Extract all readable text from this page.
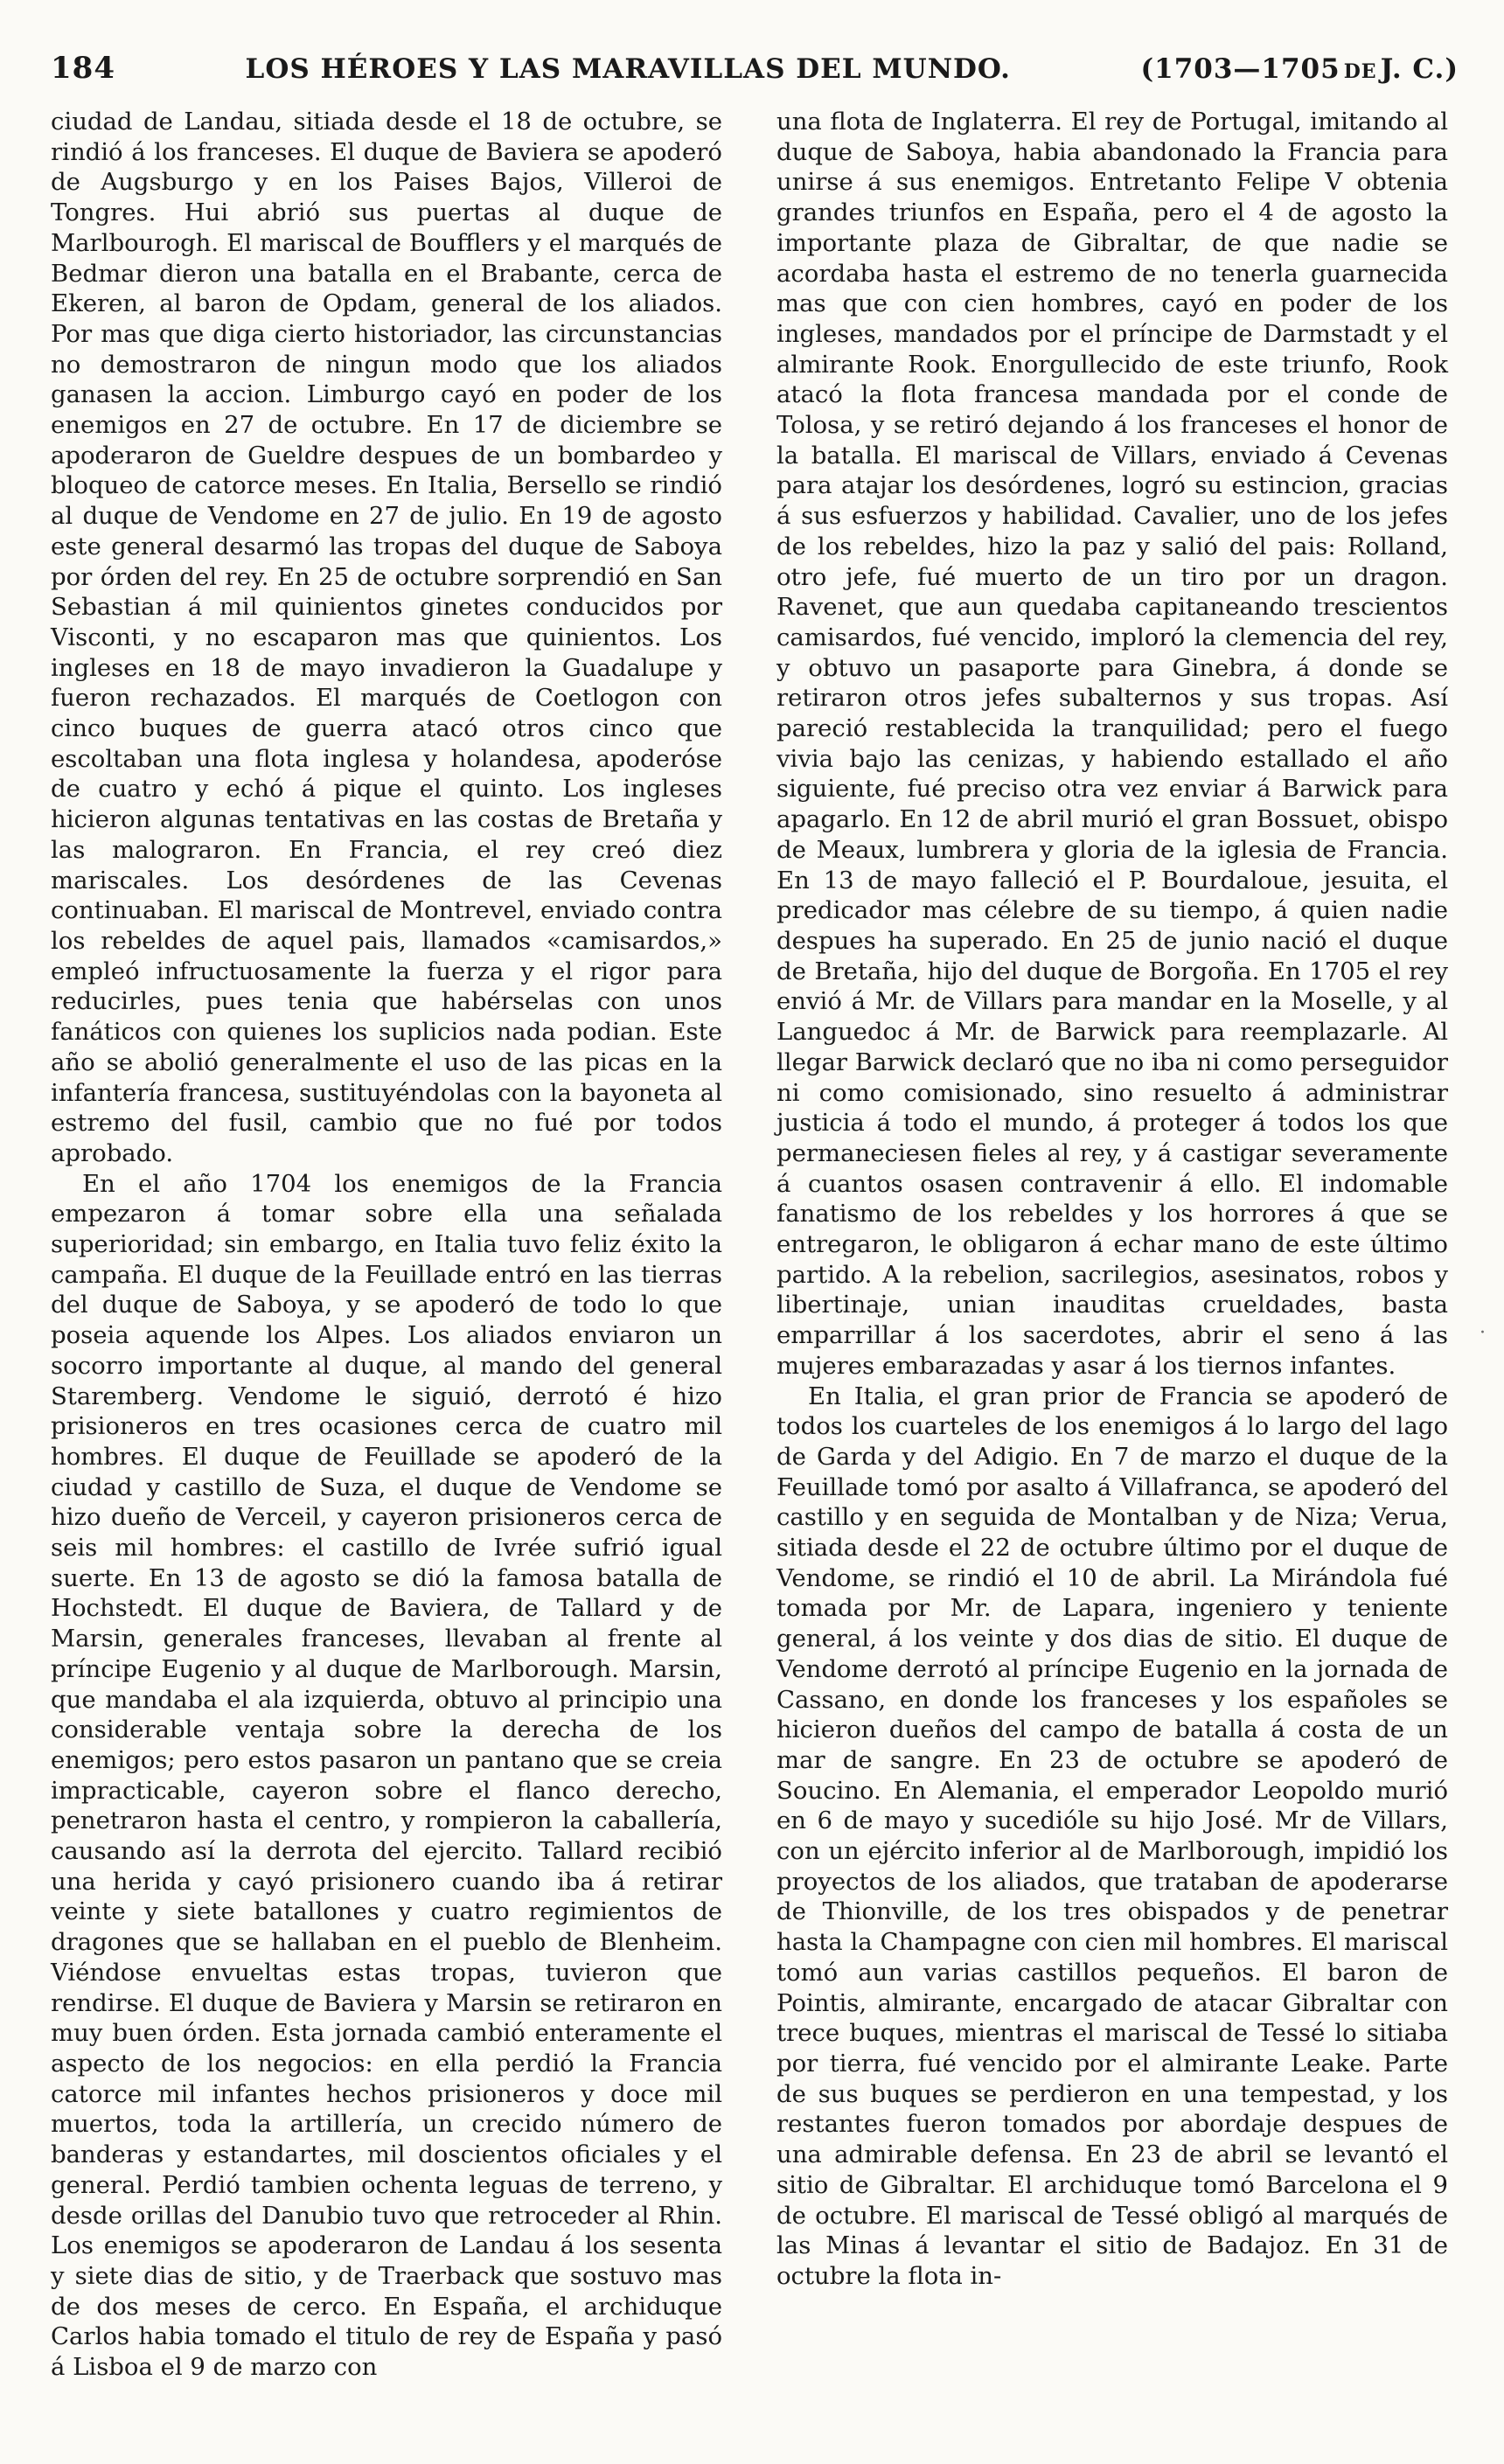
184	LOS HÉROES Y LAS MARAVILLAS DEL MUNDO.	(1703—1705 DE J. C.)

ciudad de Landau, sitiada desde el 18 de octubre, se rindió á los franceses. El duque de Baviera se apoderó de Augsburgo y en los Paises Bajos, Villeroi de Tongres. Hui abrió sus puertas al duque de Marlbourogh. El mariscal de Boufflers y el marqués de Bedmar dieron una batalla en el Brabante, cerca de Ekeren, al baron de Opdam, general de los aliados. Por mas que diga cierto historiador, las circunstancias no demostraron de ningun modo que los aliados ganasen la accion. Limburgo cayó en poder de los enemigos en 27 de octubre. En 17 de diciembre se apoderaron de Gueldre despues de un bombardeo y bloqueo de catorce meses. En Italia, Bersello se rindió al duque de Vendome en 27 de julio. En 19 de agosto este general desarmó las tropas del duque de Saboya por órden del rey. En 25 de octubre sorprendió en San Sebastian á mil quinientos ginetes conducidos por Visconti, y no escaparon mas que quinientos. Los ingleses en 18 de mayo invadieron la Guadalupe y fueron rechazados. El marqués de Coetlogon con cinco buques de guerra atacó otros cinco que escoltaban una flota inglesa y holandesa, apoderóse de cuatro y echó á pique el quinto. Los ingleses hicieron algunas tentativas en las costas de Bretaña y las malograron. En Francia, el rey creó diez mariscales. Los desórdenes de las Cevenas continuaban. El mariscal de Montrevel, enviado contra los rebeldes de aquel pais, llamados «camisardos,» empleó infructuosamente la fuerza y el rigor para reducirles, pues tenia que habérselas con unos fanáticos con quienes los suplicios nada podian. Este año se abolió generalmente el uso de las picas en la infantería francesa, sustituyéndolas con la bayoneta al estremo del fusil, cambio que no fué por todos aprobado.

En el año 1704 los enemigos de la Francia empezaron á tomar sobre ella una señalada superioridad; sin embargo, en Italia tuvo feliz éxito la campaña. El duque de la Feuillade entró en las tierras del duque de Saboya, y se apoderó de todo lo que poseia aquende los Alpes. Los aliados enviaron un socorro importante al duque, al mando del general Staremberg. Vendome le siguió, derrotó é hizo prisioneros en tres ocasiones cerca de cuatro mil hombres. El duque de Feuillade se apoderó de la ciudad y castillo de Suza, el duque de Vendome se hizo dueño de Verceil, y cayeron prisioneros cerca de seis mil hombres: el castillo de Ivrée sufrió igual suerte. En 13 de agosto se dió la famosa batalla de Hochstedt. El duque de Baviera, de Tallard y de Marsin, generales franceses, llevaban al frente al príncipe Eugenio y al duque de Marlborough. Marsin, que mandaba el ala izquierda, obtuvo al principio una considerable ventaja sobre la derecha de los enemigos; pero estos pasaron un pantano que se creia impracticable, cayeron sobre el flanco derecho, penetraron hasta el centro, y rompieron la caballería, causando así la derrota del ejercito. Tallard recibió una herida y cayó prisionero cuando iba á retirar veinte y siete batallones y cuatro regimientos de dragones que se hallaban en el pueblo de Blenheim. Viéndose envueltas estas tropas, tuvieron que rendirse. El duque de Baviera y Marsin se retiraron en muy buen órden. Esta jornada cambió enteramente el aspecto de los negocios: en ella perdió la Francia catorce mil infantes hechos prisioneros y doce mil muertos, toda la artillería, un crecido número de banderas y estandartes, mil doscientos oficiales y el general. Perdió tambien ochenta leguas de terreno, y desde orillas del Danubio tuvo que retroceder al Rhin. Los enemigos se apoderaron de Landau á los sesenta y siete dias de sitio, y de Traerback que sostuvo mas de dos meses de cerco. En España, el archiduque Carlos habia tomado el titulo de rey de España y pasó á Lisboa el 9 de marzo con

una flota de Inglaterra. El rey de Portugal, imitando al duque de Saboya, habia abandonado la Francia para unirse á sus enemigos. Entretanto Felipe V obtenia grandes triunfos en España, pero el 4 de agosto la importante plaza de Gibraltar, de que nadie se acordaba hasta el estremo de no tenerla guarnecida mas que con cien hombres, cayó en poder de los ingleses, mandados por el príncipe de Darmstadt y el almirante Rook. Enorgullecido de este triunfo, Rook atacó la flota francesa mandada por el conde de Tolosa, y se retiró dejando á los franceses el honor de la batalla. El mariscal de Villars, enviado á Cevenas para atajar los desórdenes, logró su estincion, gracias á sus esfuerzos y habilidad. Cavalier, uno de los jefes de los rebeldes, hizo la paz y salió del pais: Rolland, otro jefe, fué muerto de un tiro por un dragon. Ravenet, que aun quedaba capitaneando trescientos camisardos, fué vencido, imploró la clemencia del rey, y obtuvo un pasaporte para Ginebra, á donde se retiraron otros jefes subalternos y sus tropas. Así pareció restablecida la tranquilidad; pero el fuego vivia bajo las cenizas, y habiendo estallado el año siguiente, fué preciso otra vez enviar á Barwick para apagarlo. En 12 de abril murió el gran Bossuet, obispo de Meaux, lumbrera y gloria de la iglesia de Francia. En 13 de mayo falleció el P. Bourdaloue, jesuita, el predicador mas célebre de su tiempo, á quien nadie despues ha superado. En 25 de junio nació el duque de Bretaña, hijo del duque de Borgoña. En 1705 el rey envió á Mr. de Villars para mandar en la Moselle, y al Languedoc á Mr. de Barwick para reemplazarle. Al llegar Barwick declaró que no iba ni como perseguidor ni como comisionado, sino resuelto á administrar justicia á todo el mundo, á proteger á todos los que permaneciesen fieles al rey, y á castigar severamente á cuantos osasen contravenir á ello. El indomable fanatismo de los rebeldes y los horrores á que se entregaron, le obligaron á echar mano de este último partido. A la rebelion, sacrilegios, asesinatos, robos y libertinaje, unian inauditas crueldades, basta emparrillar á los sacerdotes, abrir el seno á las mujeres embarazadas y asar á los tiernos infantes.

En Italia, el gran prior de Francia se apoderó de todos los cuarteles de los enemigos á lo largo del lago de Garda y del Adigio. En 7 de marzo el duque de la Feuillade tomó por asalto á Villafranca, se apoderó del castillo y en seguida de Montalban y de Niza; Verua, sitiada desde el 22 de octubre último por el duque de Vendome, se rindió el 10 de abril. La Mirándola fué tomada por Mr. de Lapara, ingeniero y teniente general, á los veinte y dos dias de sitio. El duque de Vendome derrotó al príncipe Eugenio en la jornada de Cassano, en donde los franceses y los españoles se hicieron dueños del campo de batalla á costa de un mar de sangre. En 23 de octubre se apoderó de Soucino. En Alemania, el emperador Leopoldo murió en 6 de mayo y sucedióle su hijo José. Mr de Villars, con un ejército inferior al de Marlborough, impidió los proyectos de los aliados, que trataban de apoderarse de Thionville, de los tres obispados y de penetrar hasta la Champagne con cien mil hombres. El mariscal tomó aun varias castillos pequeños. El baron de Pointis, almirante, encargado de atacar Gibraltar con trece buques, mientras el mariscal de Tessé lo sitiaba por tierra, fué vencido por el almirante Leake. Parte de sus buques se perdieron en una tempestad, y los restantes fueron tomados por abordaje despues de una admirable defensa. En 23 de abril se levantó el sitio de Gibraltar. El archiduque tomó Barcelona el 9 de octubre. El mariscal de Tessé obligó al marqués de las Minas á levantar el sitio de Badajoz. En 31 de octubre la flota in-

·
